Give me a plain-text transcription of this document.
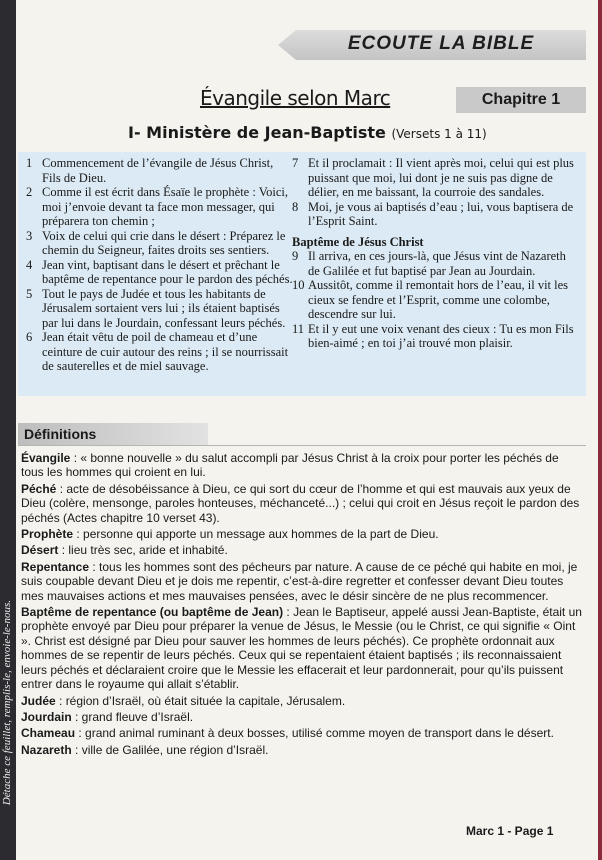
Détache ce feuillet, remplis-le, envoie-le-nous.
ECOUTE LA BIBLE
Évangile selon Marc	Chapitre 1
I- Ministère de Jean-Baptiste (Versets 1 à 11)
1 Commencement de l’évangile de Jésus Christ, Fils de Dieu.
2 Comme il est écrit dans Ésaïe le prophète : Voici, moi j’envoie devant ta face mon messager, qui préparera ton chemin ;
3 Voix de celui qui crie dans le désert : Préparez le chemin du Seigneur, faites droits ses sentiers.
4 Jean vint, baptisant dans le désert et prêchant le baptême de repentance pour le pardon des péchés.
5 Tout le pays de Judée et tous les habitants de Jérusalem sortaient vers lui ; ils étaient baptisés par lui dans le Jourdain, confessant leurs péchés.
6 Jean était vêtu de poil de chameau et d’une ceinture de cuir autour des reins ; il se nourrissait de sauterelles et de miel sauvage.
7 Et il proclamait : Il vient après moi, celui qui est plus puissant que moi, lui dont je ne suis pas digne de délier, en me baissant, la courroie des sandales.
8 Moi, je vous ai baptisés d’eau ; lui, vous baptisera de l’Esprit Saint.
Baptême de Jésus Christ
9 Il arriva, en ces jours-là, que Jésus vint de Nazareth de Galilée et fut baptisé par Jean au Jourdain.
10 Aussitôt, comme il remontait hors de l’eau, il vit les cieux se fendre et l’Esprit, comme une colombe, descendre sur lui.
11 Et il y eut une voix venant des cieux : Tu es mon Fils bien-aimé ; en toi j’ai trouvé mon plaisir.
Définitions
Évangile : « bonne nouvelle » du salut accompli par Jésus Christ à la croix pour porter les péchés de tous les hommes qui croient en lui.
Péché : acte de désobéissance à Dieu, ce qui sort du cœur de l’homme et qui est mauvais aux yeux de Dieu (colère, mensonge, paroles honteuses, méchanceté...) ; celui qui croit en Jésus reçoit le pardon des péchés (Actes chapitre 10 verset 43).
Prophète : personne qui apporte un message aux hommes de la part de Dieu.
Désert : lieu très sec, aride et inhabité.
Repentance : tous les hommes sont des pécheurs par nature. A cause de ce péché qui habite en moi, je suis coupable devant Dieu et je dois me repentir, c’est-à-dire regretter et confesser devant Dieu toutes mes mauvaises actions et mes mauvaises pensées, avec le désir sincère de ne plus recommencer.
Baptême de repentance (ou baptême de Jean) : Jean le Baptiseur, appelé aussi Jean-Baptiste, était un prophète envoyé par Dieu pour préparer la venue de Jésus, le Messie (ou le Christ, ce qui signifie « Oint ». Christ est désigné par Dieu pour sauver les hommes de leurs péchés). Ce prophète ordonnait aux hommes de se repentir de leurs péchés. Ceux qui se repentaient étaient baptisés ; ils reconnaissaient leurs péchés et déclaraient croire que le Messie les effacerait et leur pardonnerait, pour qu’ils puissent entrer dans le royaume qui allait s’établir.
Judée : région d’Israël, où était située la capitale, Jérusalem.
Jourdain : grand fleuve d’Israël.
Chameau : grand animal ruminant à deux bosses, utilisé comme moyen de transport dans le désert.
Nazareth : ville de Galilée, une région d’Israël.
Marc 1 - Page 1
